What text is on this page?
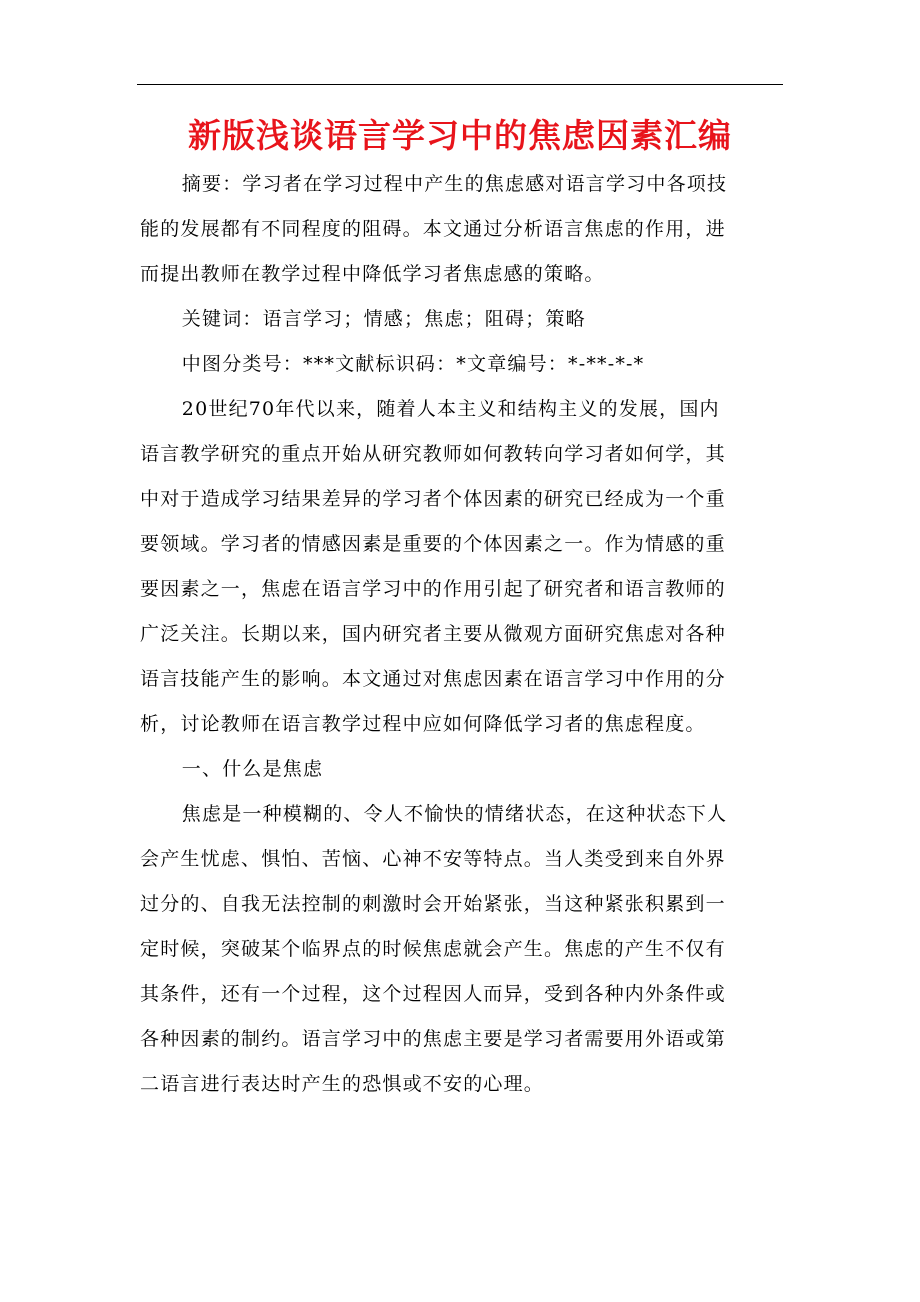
新版浅谈语言学习中的焦虑因素汇编
摘要：学习者在学习过程中产生的焦虑感对语言学习中各项技
能的发展都有不同程度的阻碍。本文通过分析语言焦虑的作用，进
而提出教师在教学过程中降低学习者焦虑感的策略。
关键词：语言学习；情感；焦虑；阻碍；策略
中图分类号：***文献标识码：*文章编号：*-**-*-*
20世纪70年代以来，随着人本主义和结构主义的发展，国内
语言教学研究的重点开始从研究教师如何教转向学习者如何学，其
中对于造成学习结果差异的学习者个体因素的研究已经成为一个重
要领域。学习者的情感因素是重要的个体因素之一。作为情感的重
要因素之一，焦虑在语言学习中的作用引起了研究者和语言教师的
广泛关注。长期以来，国内研究者主要从微观方面研究焦虑对各种
语言技能产生的影响。本文通过对焦虑因素在语言学习中作用的分
析，讨论教师在语言教学过程中应如何降低学习者的焦虑程度。
一、什么是焦虑
焦虑是一种模糊的、令人不愉快的情绪状态，在这种状态下人
会产生忧虑、惧怕、苦恼、心神不安等特点。当人类受到来自外界
过分的、自我无法控制的刺激时会开始紧张，当这种紧张积累到一
定时候，突破某个临界点的时候焦虑就会产生。焦虑的产生不仅有
其条件，还有一个过程，这个过程因人而异，受到各种内外条件或
各种因素的制约。语言学习中的焦虑主要是学习者需要用外语或第
二语言进行表达时产生的恐惧或不安的心理。
